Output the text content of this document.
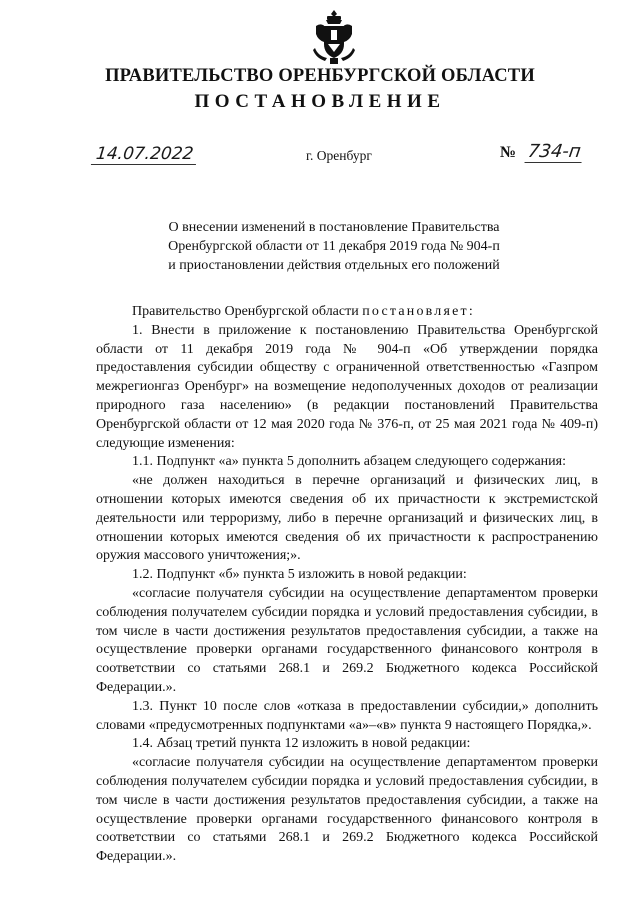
ПРАВИТЕЛЬСТВО ОРЕНБУРГСКОЙ ОБЛАСТИ
ПОСТАНОВЛЕНИЕ
14.07.2022	г. Оренбург	№ 734-п
О внесении изменений в постановление Правительства
Оренбургской области от 11 декабря 2019 года № 904-п
и приостановлении действия отдельных его положений

Правительство Оренбургской области постановляет:

1. Внести в приложение к постановлению Правительства Оренбургской области от 11 декабря 2019 года № 904-п «Об утверждении порядка предоставления субсидии обществу с ограниченной ответственностью «Газпром межрегионгаз Оренбург» на возмещение недополученных доходов от реализации природного газа населению» (в редакции постановлений Правительства Оренбургской области от 12 мая 2020 года № 376-п, от 25 мая 2021 года № 409-п) следующие изменения:

1.1. Подпункт «а» пункта 5 дополнить абзацем следующего содержания:

«не должен находиться в перечне организаций и физических лиц, в отношении которых имеются сведения об их причастности к экстремистской деятельности или терроризму, либо в перечне организаций и физических лиц, в отношении которых имеются сведения об их причастности к распространению оружия массового уничтожения;».

1.2. Подпункт «б» пункта 5 изложить в новой редакции:

«согласие получателя субсидии на осуществление департаментом проверки соблюдения получателем субсидии порядка и условий предоставления субсидии, в том числе в части достижения результатов предоставления субсидии, а также на осуществление проверки органами государственного финансового контроля в соответствии со статьями 268.1 и 269.2 Бюджетного кодекса Российской Федерации.».

1.3. Пункт 10 после слов «отказа в предоставлении субсидии,» дополнить словами «предусмотренных подпунктами «а»–«в» пункта 9 настоящего Порядка,».

1.4. Абзац третий пункта 12 изложить в новой редакции:

«согласие получателя субсидии на осуществление департаментом проверки соблюдения получателем субсидии порядка и условий предоставления субсидии, в том числе в части достижения результатов предоставления субсидии, а также на осуществление проверки органами государственного финансового контроля в соответствии со статьями 268.1 и 269.2 Бюджетного кодекса Российской Федерации.».
